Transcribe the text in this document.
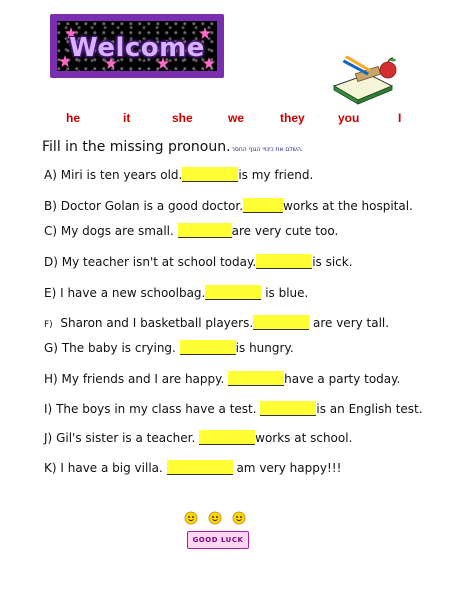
Welcome
he	it	she	we	they	you	I
Fill in the missing pronoun.השלם את כינויי הגוף החסר.
A) Miri is ten years old.	is my friend.
B) Doctor Golan is a good doctor.	works at the hospital.
C) My dogs are small.	are very cute too.
D) My teacher isn't at school today.	is sick.
E) I have a new schoolbag.	is blue.
F) Sharon and I basketball players.	are very tall.
G) The baby is crying.	is hungry.
H) My friends and I are happy.	have a party today.
I) The boys in my class have a test.	is an English test.
J) Gil's sister is a teacher.	works at school.
K) I have a big villa.	am very happy!!!
GOOD LUCK
